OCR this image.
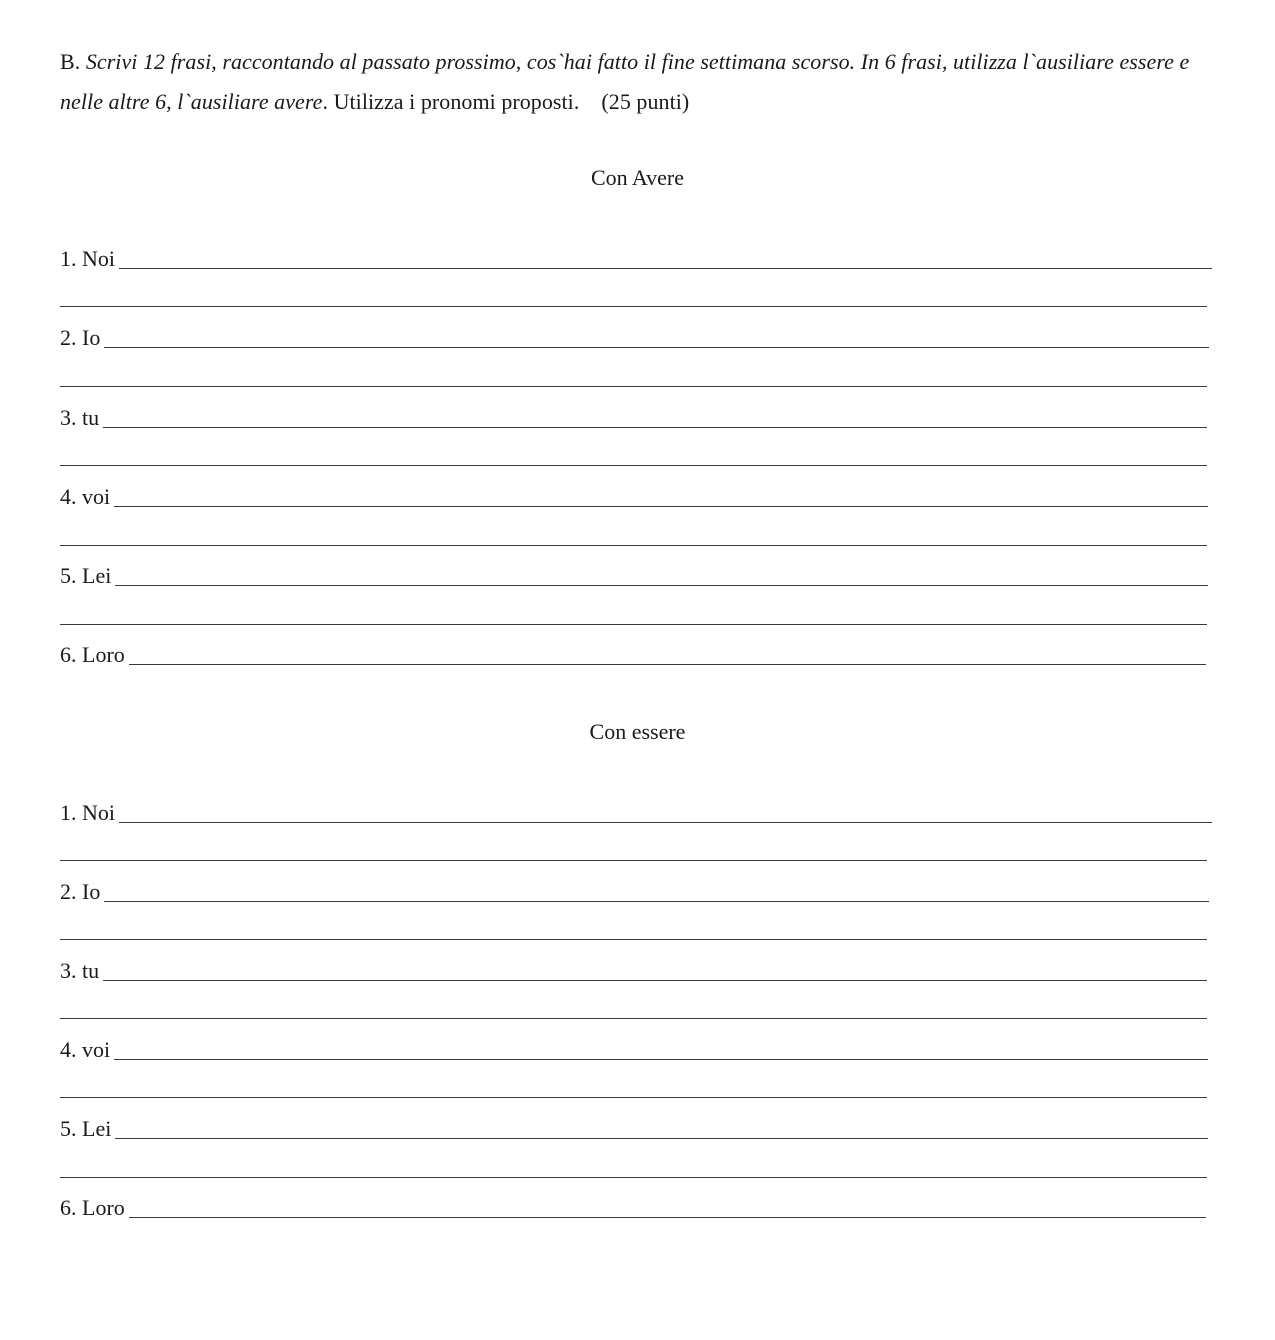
B. Scrivi 12 frasi, raccontando al passato prossimo, cos`hai fatto il fine settimana scorso. In 6 frasi, utilizza l`ausiliare essere e nelle altre 6, l`ausiliare avere. Utilizza i pronomi proposti. (25 punti)
Con Avere
1. Noi
2. Io
3. tu
4. voi
5. Lei
6. Loro
Con essere
1. Noi
2. Io
3. tu
4. voi
5. Lei
6. Loro
